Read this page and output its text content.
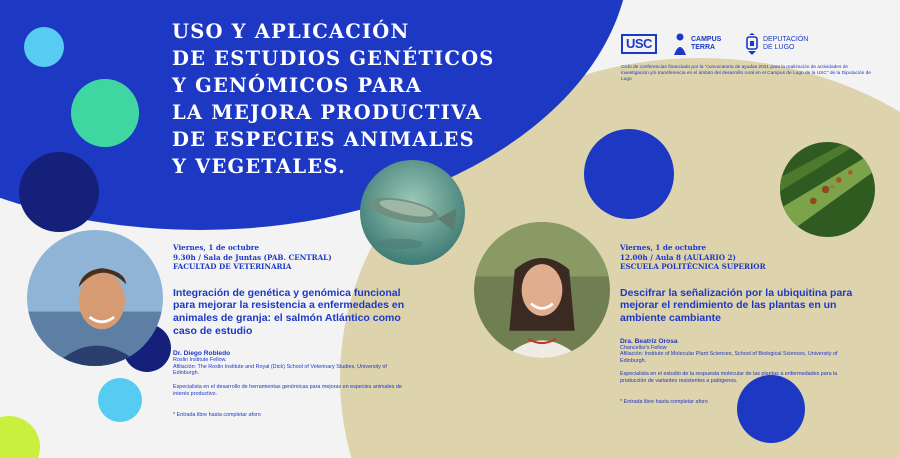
USO Y APLICACIÓN
DE ESTUDIOS GENÉTICOS
Y GENÓMICOS PARA
LA MEJORA PRODUCTIVA
DE ESPECIES ANIMALES
Y VEGETALES.
USC	CAMPUS TERRA
DEPUTACIÓN DE LUGO
Ciclo de conferencias financiado por la "convocatoria de ayudas 2021 para la realización de actividades de investigación y/o transferencia en el ámbito del desarrollo rural en el Campus de Lugo de la USC" de la Diputación de Lugo
Viernes, 1 de octubre
9.30h / Sala de Juntas (PAB. CENTRAL)
FACULTAD DE VETERINARIA
Integración de genética y genómica funcional para mejorar la resistencia a enfermedades en animales de granja: el salmón Atlántico como caso de estudio
Dr. Diego Robledo
Roslin Institute Fellow.
Afiliación: The Roslin Institute and Royal (Dick) School of Veterinary Studies, University of Edinburgh.
Especialista en el desarrollo de herramientas genómicas para mejoras en especies animales de interés productivo.
* Entrada libre hasta completar aforo
Viernes, 1 de octubre
12.00h / Aula 8 (AULARIO 2)
ESCUELA POLITÉCNICA SUPERIOR
Descifrar la señalización por la ubiquitina para mejorar el rendimiento de las plantas en un ambiente cambiante
Dra. Beatriz Orosa
Chancellor's Fellow
Afiliación: Institute of Molecular Plant Sciences, School of Biological Sciences, University of Edinburgh.
Especialista en el estudio de la respuesta molecular de las plantas a enfermedades para la producción de variantes resistentes a patógenos.
* Entrada libre hasta completar aforo
